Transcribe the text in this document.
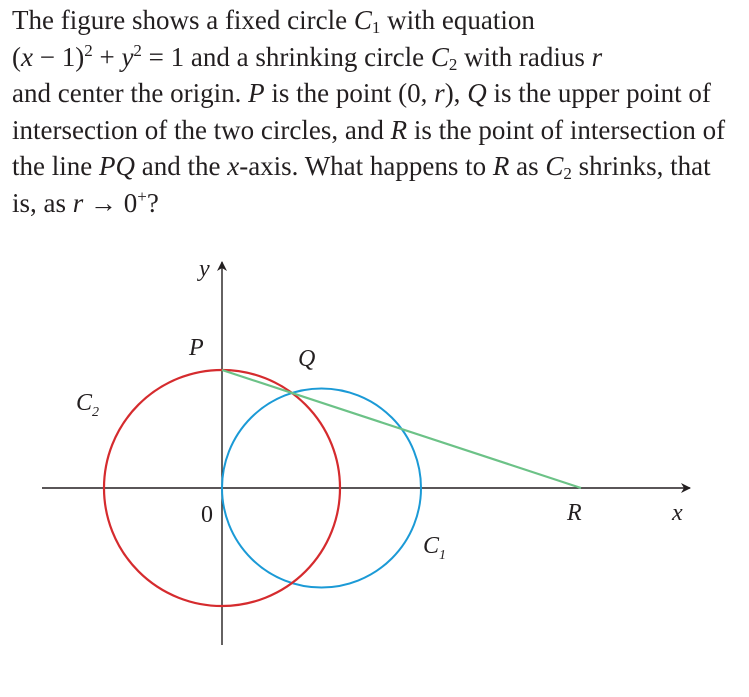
The figure shows a fixed circle $C_1$ with equation
$(x - 1)^2 + y^2 = 1$ and a shrinking circle $C_2$ with radius r
and center the origin. P is the point (0, r), Q is the upper point of intersection of the two circles, and R is the point of intersection of the line PQ and the x-axis. What happens to R as $C_2$ shrinks, that is, as r → 0+?

y
x
0
P	Q
R
$C_1$
$C_2$
